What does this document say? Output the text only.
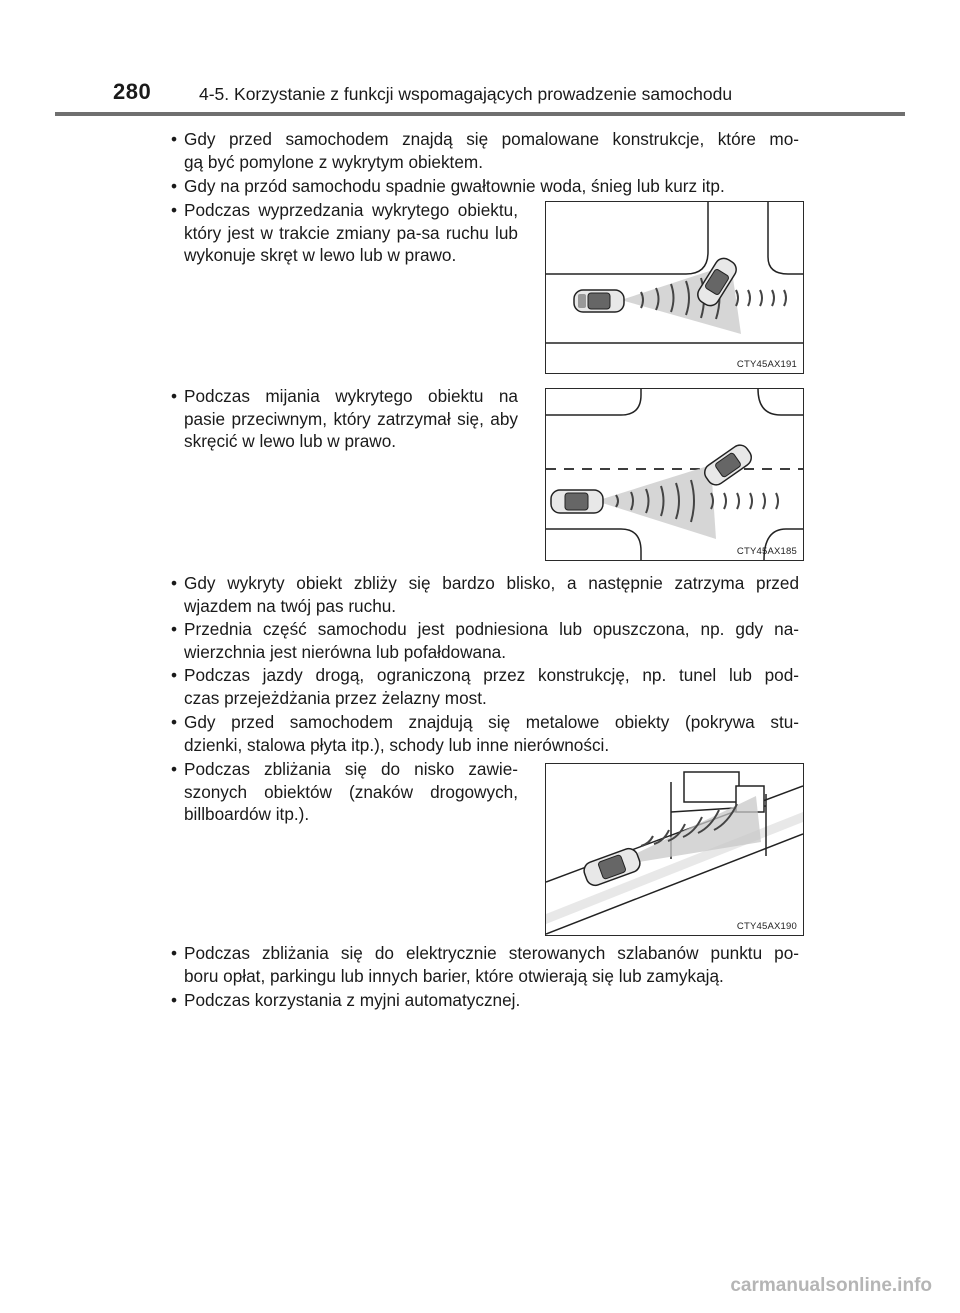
280	4-5. Korzystanie z funkcji wspomagających prowadzenie samochodu
• Gdy przed samochodem znajdą się pomalowane konstrukcje, które mo-
gą być pomylone z wykrytym obiektem.
• Gdy na przód samochodu spadnie gwałtownie woda, śnieg lub kurz itp.
• Podczas wyprzedzania wykrytego obiektu, który jest w trakcie zmiany pa-sa ruchu lub wykonuje skręt w lewo lub w prawo.
CTY45AX191
• Podczas mijania wykrytego obiektu na pasie przeciwnym, który zatrzymał się, aby skręcić w lewo lub w prawo.
CTY45AX185
• Gdy wykryty obiekt zbliży się bardzo blisko, a następnie zatrzyma przed
wjazdem na twój pas ruchu.
• Przednia część samochodu jest podniesiona lub opuszczona, np. gdy na-
wierzchnia jest nierówna lub pofałdowana.
• Podczas jazdy drogą, ograniczoną przez konstrukcję, np. tunel lub pod-
czas przejeżdżania przez żelazny most.
• Gdy przed samochodem znajdują się metalowe obiekty (pokrywa stu-
dzienki, stalowa płyta itp.), schody lub inne nierówności.
• Podczas zbliżania się do nisko zawie-szonych obiektów (znaków drogowych, billboardów itp.).
CTY45AX190
• Podczas zbliżania się do elektrycznie sterowanych szlabanów punktu po-
boru opłat, parkingu lub innych barier, które otwierają się lub zamykają.
• Podczas korzystania z myjni automatycznej.
carmanualsonline.info
